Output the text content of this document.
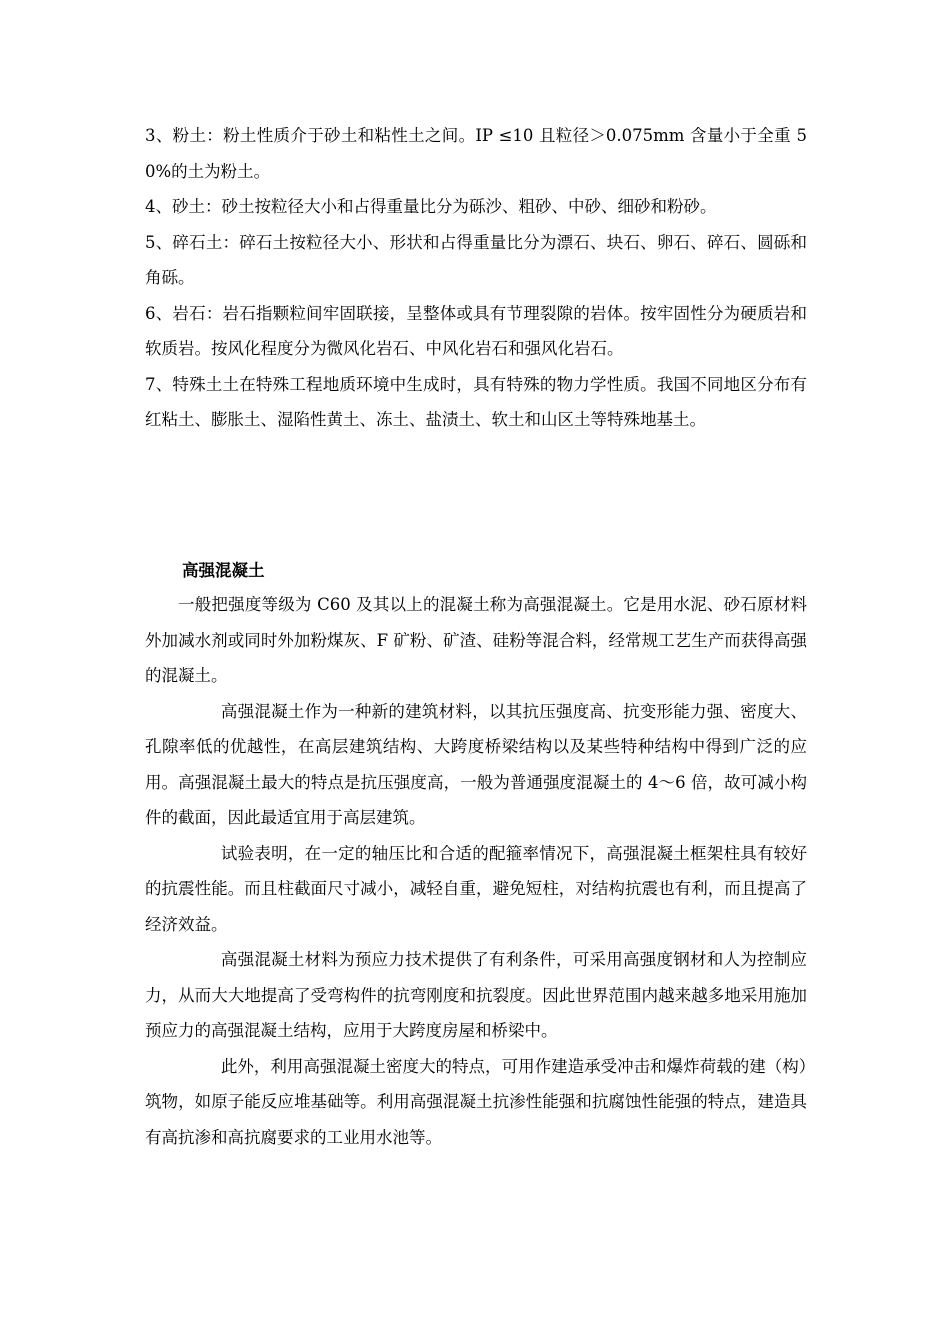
3、粉土：粉土性质介于砂土和粘性土之间。IP ≤10 且粒径＞0.075mm 含量小于全重 50%的土为粉土。

4、砂土：砂土按粒径大小和占得重量比分为砾沙、粗砂、中砂、细砂和粉砂。

5、碎石土：碎石土按粒径大小、形状和占得重量比分为漂石、块石、卵石、碎石、圆砾和角砾。

6、岩石：岩石指颗粒间牢固联接，呈整体或具有节理裂隙的岩体。按牢固性分为硬质岩和软质岩。按风化程度分为微风化岩石、中风化岩石和强风化岩石。

7、特殊土土在特殊工程地质环境中生成时，具有特殊的物力学性质。我国不同地区分布有红粘土、膨胀土、湿陷性黄土、冻土、盐渍土、软土和山区土等特殊地基土。

高强混凝土

一般把强度等级为 C60 及其以上的混凝土称为高强混凝土。它是用水泥、砂石原材料外加减水剂或同时外加粉煤灰、F 矿粉、矿渣、硅粉等混合料，经常规工艺生产而获得高强的混凝土。

高强混凝土作为一种新的建筑材料，以其抗压强度高、抗变形能力强、密度大、孔隙率低的优越性，在高层建筑结构、大跨度桥梁结构以及某些特种结构中得到广泛的应用。高强混凝土最大的特点是抗压强度高，一般为普通强度混凝土的 4～6 倍，故可减小构件的截面，因此最适宜用于高层建筑。

试验表明，在一定的轴压比和合适的配箍率情况下，高强混凝土框架柱具有较好的抗震性能。而且柱截面尺寸减小，减轻自重，避免短柱，对结构抗震也有利，而且提高了经济效益。

高强混凝土材料为预应力技术提供了有利条件，可采用高强度钢材和人为控制应力，从而大大地提高了受弯构件的抗弯刚度和抗裂度。因此世界范围内越来越多地采用施加预应力的高强混凝土结构，应用于大跨度房屋和桥梁中。

此外，利用高强混凝土密度大的特点，可用作建造承受冲击和爆炸荷载的建（构）筑物，如原子能反应堆基础等。利用高强混凝土抗渗性能强和抗腐蚀性能强的特点，建造具有高抗渗和高抗腐要求的工业用水池等。
